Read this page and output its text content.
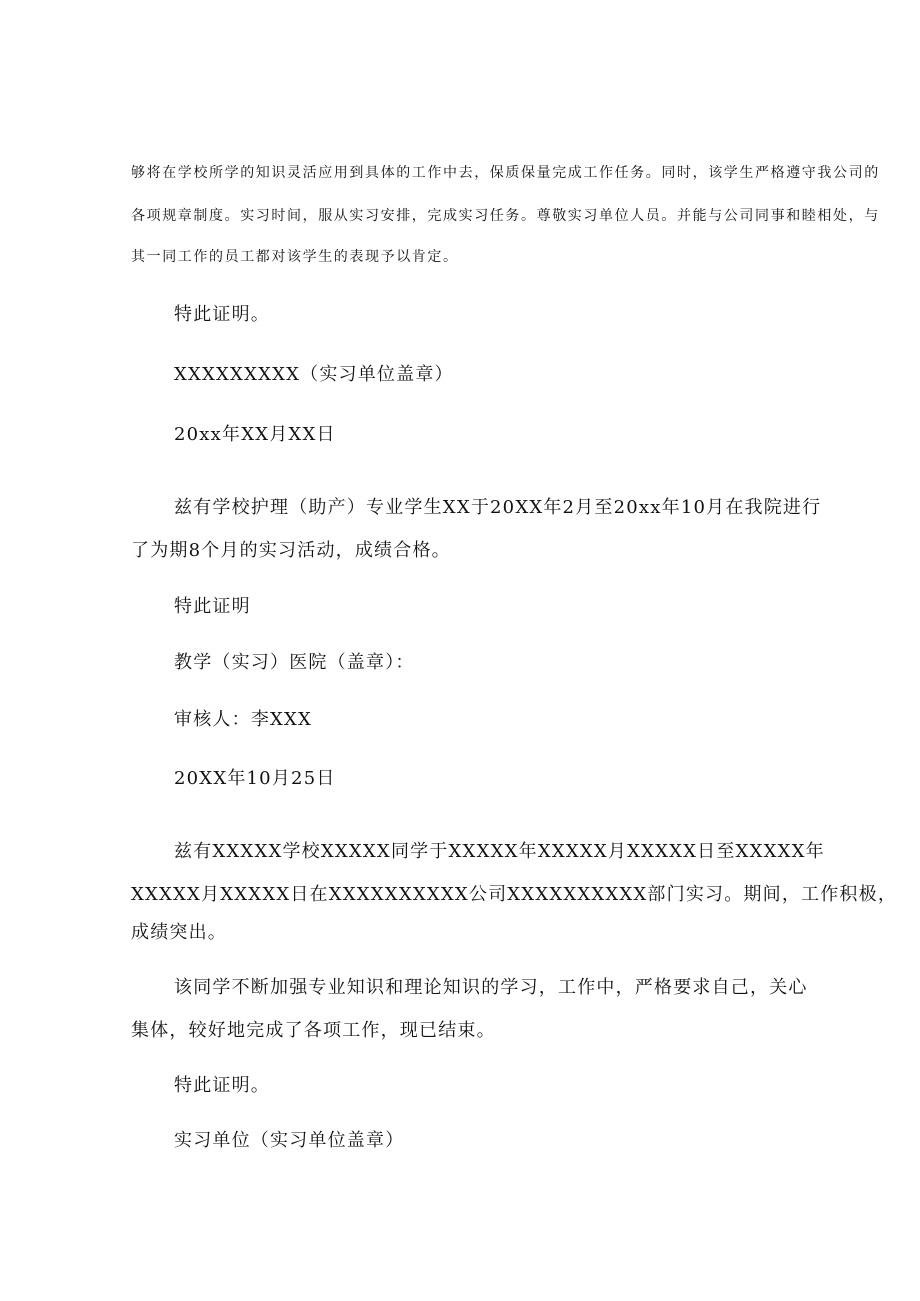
够将在学校所学的知识灵活应用到具体的工作中去，保质保量完成工作任务。同时，该学生严格遵守我公司的
各项规章制度。实习时间，服从实习安排，完成实习任务。尊敬实习单位人员。并能与公司同事和睦相处，与
其一同工作的员工都对该学生的表现予以肯定。
特此证明。
XXXXXXXXX（实习单位盖章）
20xx年XX月XX日
兹有学校护理（助产）专业学生XX于20XX年2月至20xx年10月在我院进行
了为期8个月的实习活动，成绩合格。
特此证明
教学（实习）医院（盖章）：
审核人：李XXX
20XX年10月25日
兹有XXXXX学校XXXXX同学于XXXXX年XXXXX月XXXXX日至XXXXX年
XXXXX月XXXXX日在XXXXXXXXXX公司XXXXXXXXXX部门实习。期间，工作积极，
成绩突出。
该同学不断加强专业知识和理论知识的学习，工作中，严格要求自己，关心
集体，较好地完成了各项工作，现已结束。
特此证明。
实习单位（实习单位盖章）
